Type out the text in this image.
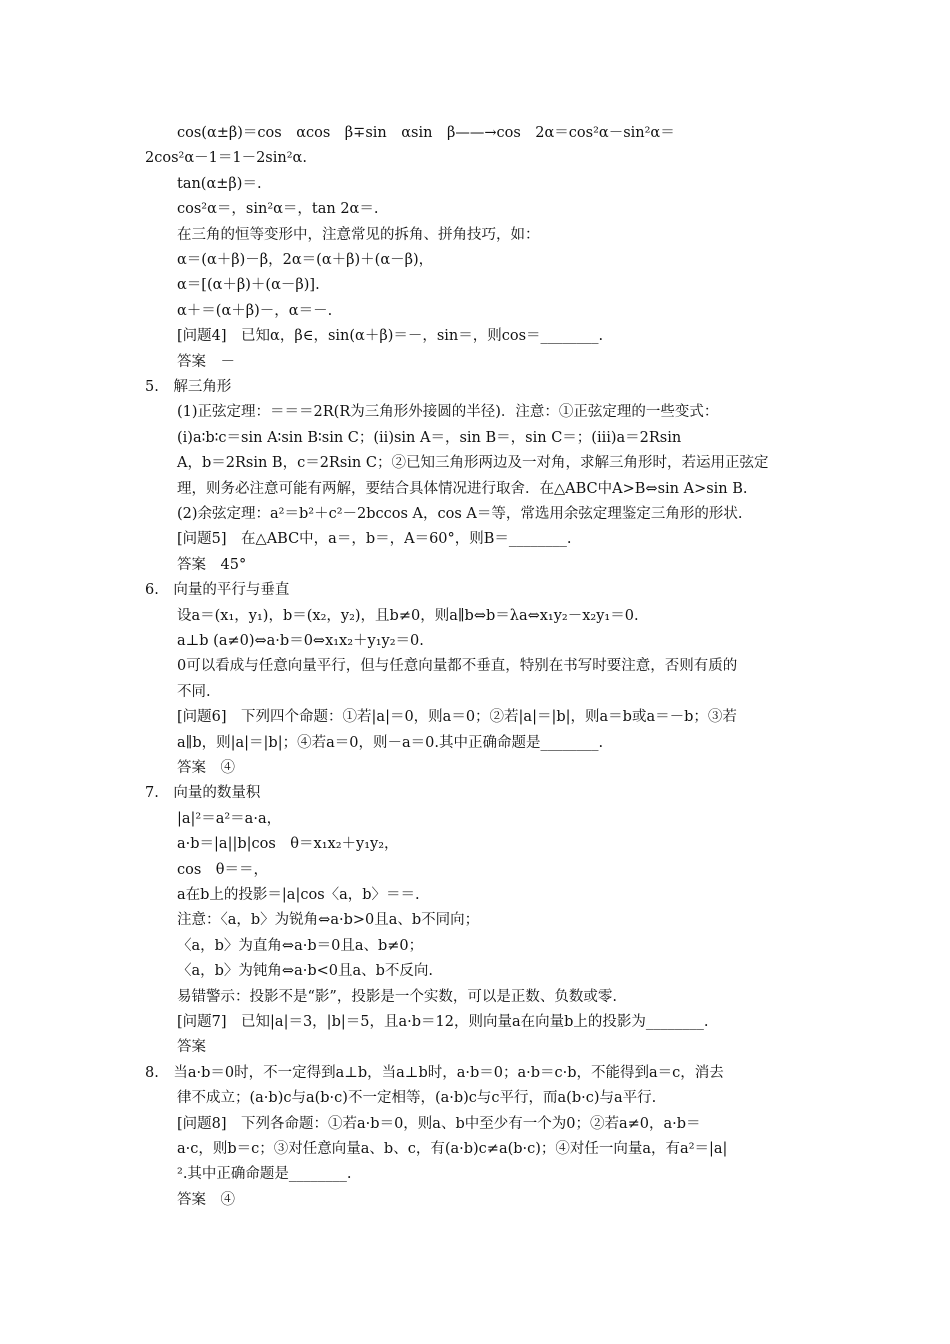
cos(α±β)＝cos　αcos　β∓sin　αsin　β——→cos　2α＝cos²α－sin²α＝
2cos²α－1＝1－2sin²α.
tan(α±β)＝.
cos²α＝，sin²α＝，tan 2α＝.
在三角的恒等变形中，注意常见的拆角、拼角技巧，如：
α＝(α＋β)－β，2α＝(α＋β)＋(α－β)，
α＝[(α＋β)＋(α－β)].
α＋＝(α＋β)－，α＝－.
[问题4]　已知α，β∈，sin(α＋β)＝－，sin＝，则cos＝________.
答案　－
5.　解三角形
(1)正弦定理：＝＝＝2R(R为三角形外接圆的半径)．注意：①正弦定理的一些变式：
(ⅰ)a∶b∶c＝sin A∶sin B∶sin C；(ⅱ)sin A＝，sin B＝，sin C＝；(ⅲ)a＝2Rsin
A，b＝2Rsin B，c＝2Rsin C；②已知三角形两边及一对角，求解三角形时，若运用正弦定
理，则务必注意可能有两解，要结合具体情况进行取舍．在△ABC中A>B⇔sin A>sin B.
(2)余弦定理：a²＝b²＋c²－2bccos A，cos A＝等，常选用余弦定理鉴定三角形的形状.
[问题5]　在△ABC中，a＝，b＝，A＝60°，则B＝________.
答案　45°
6.　向量的平行与垂直
设a＝(x₁，y₁)，b＝(x₂，y₂)，且b≠0，则a∥b⇔b＝λa⇔x₁y₂－x₂y₁＝0.
a⊥b (a≠0)⇔a·b＝0⇔x₁x₂＋y₁y₂＝0.
0可以看成与任意向量平行，但与任意向量都不垂直，特别在书写时要注意，否则有质的
不同.
[问题6]　下列四个命题：①若|a|＝0，则a＝0；②若|a|＝|b|，则a＝b或a＝－b；③若
a∥b，则|a|＝|b|；④若a＝0，则－a＝0.其中正确命题是________.
答案　④
7.　向量的数量积
|a|²＝a²＝a·a，
a·b＝|a||b|cos　θ＝x₁x₂＋y₁y₂，
cos　θ＝＝，
a在b上的投影＝|a|cos〈a，b〉＝＝.
注意：〈a，b〉为锐角⇔a·b>0且a、b不同向；
〈a，b〉为直角⇔a·b＝0且a、b≠0；
〈a，b〉为钝角⇔a·b<0且a、b不反向.
易错警示：投影不是“影”，投影是一个实数，可以是正数、负数或零.
[问题7]　已知|a|＝3，|b|＝5，且a·b＝12，则向量a在向量b上的投影为________.
答案
8.　当a·b＝0时，不一定得到a⊥b，当a⊥b时，a·b＝0；a·b＝c·b，不能得到a＝c，消去
律不成立；(a·b)c与a(b·c)不一定相等，(a·b)c与c平行，而a(b·c)与a平行.
[问题8]　下列各命题：①若a·b＝0，则a、b中至少有一个为0；②若a≠0，a·b＝
a·c，则b＝c；③对任意向量a、b、c，有(a·b)c≠a(b·c)；④对任一向量a，有a²＝|a|
².其中正确命题是________.
答案　④
